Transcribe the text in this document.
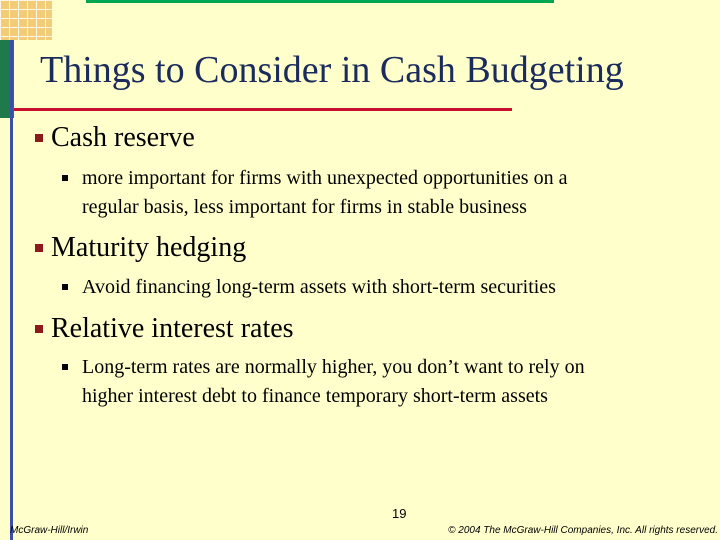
Things to Consider in Cash Budgeting
Cash reserve
more important for firms with unexpected opportunities on a
regular basis, less important for firms in stable business
Maturity hedging
Avoid financing long-term assets with short-term securities
Relative interest rates
Long-term rates are normally higher, you don’t want to rely on
higher interest debt to finance temporary short-term assets
19
McGraw-Hill/Irwin	© 2004 The McGraw-Hill Companies, Inc. All rights reserved.
